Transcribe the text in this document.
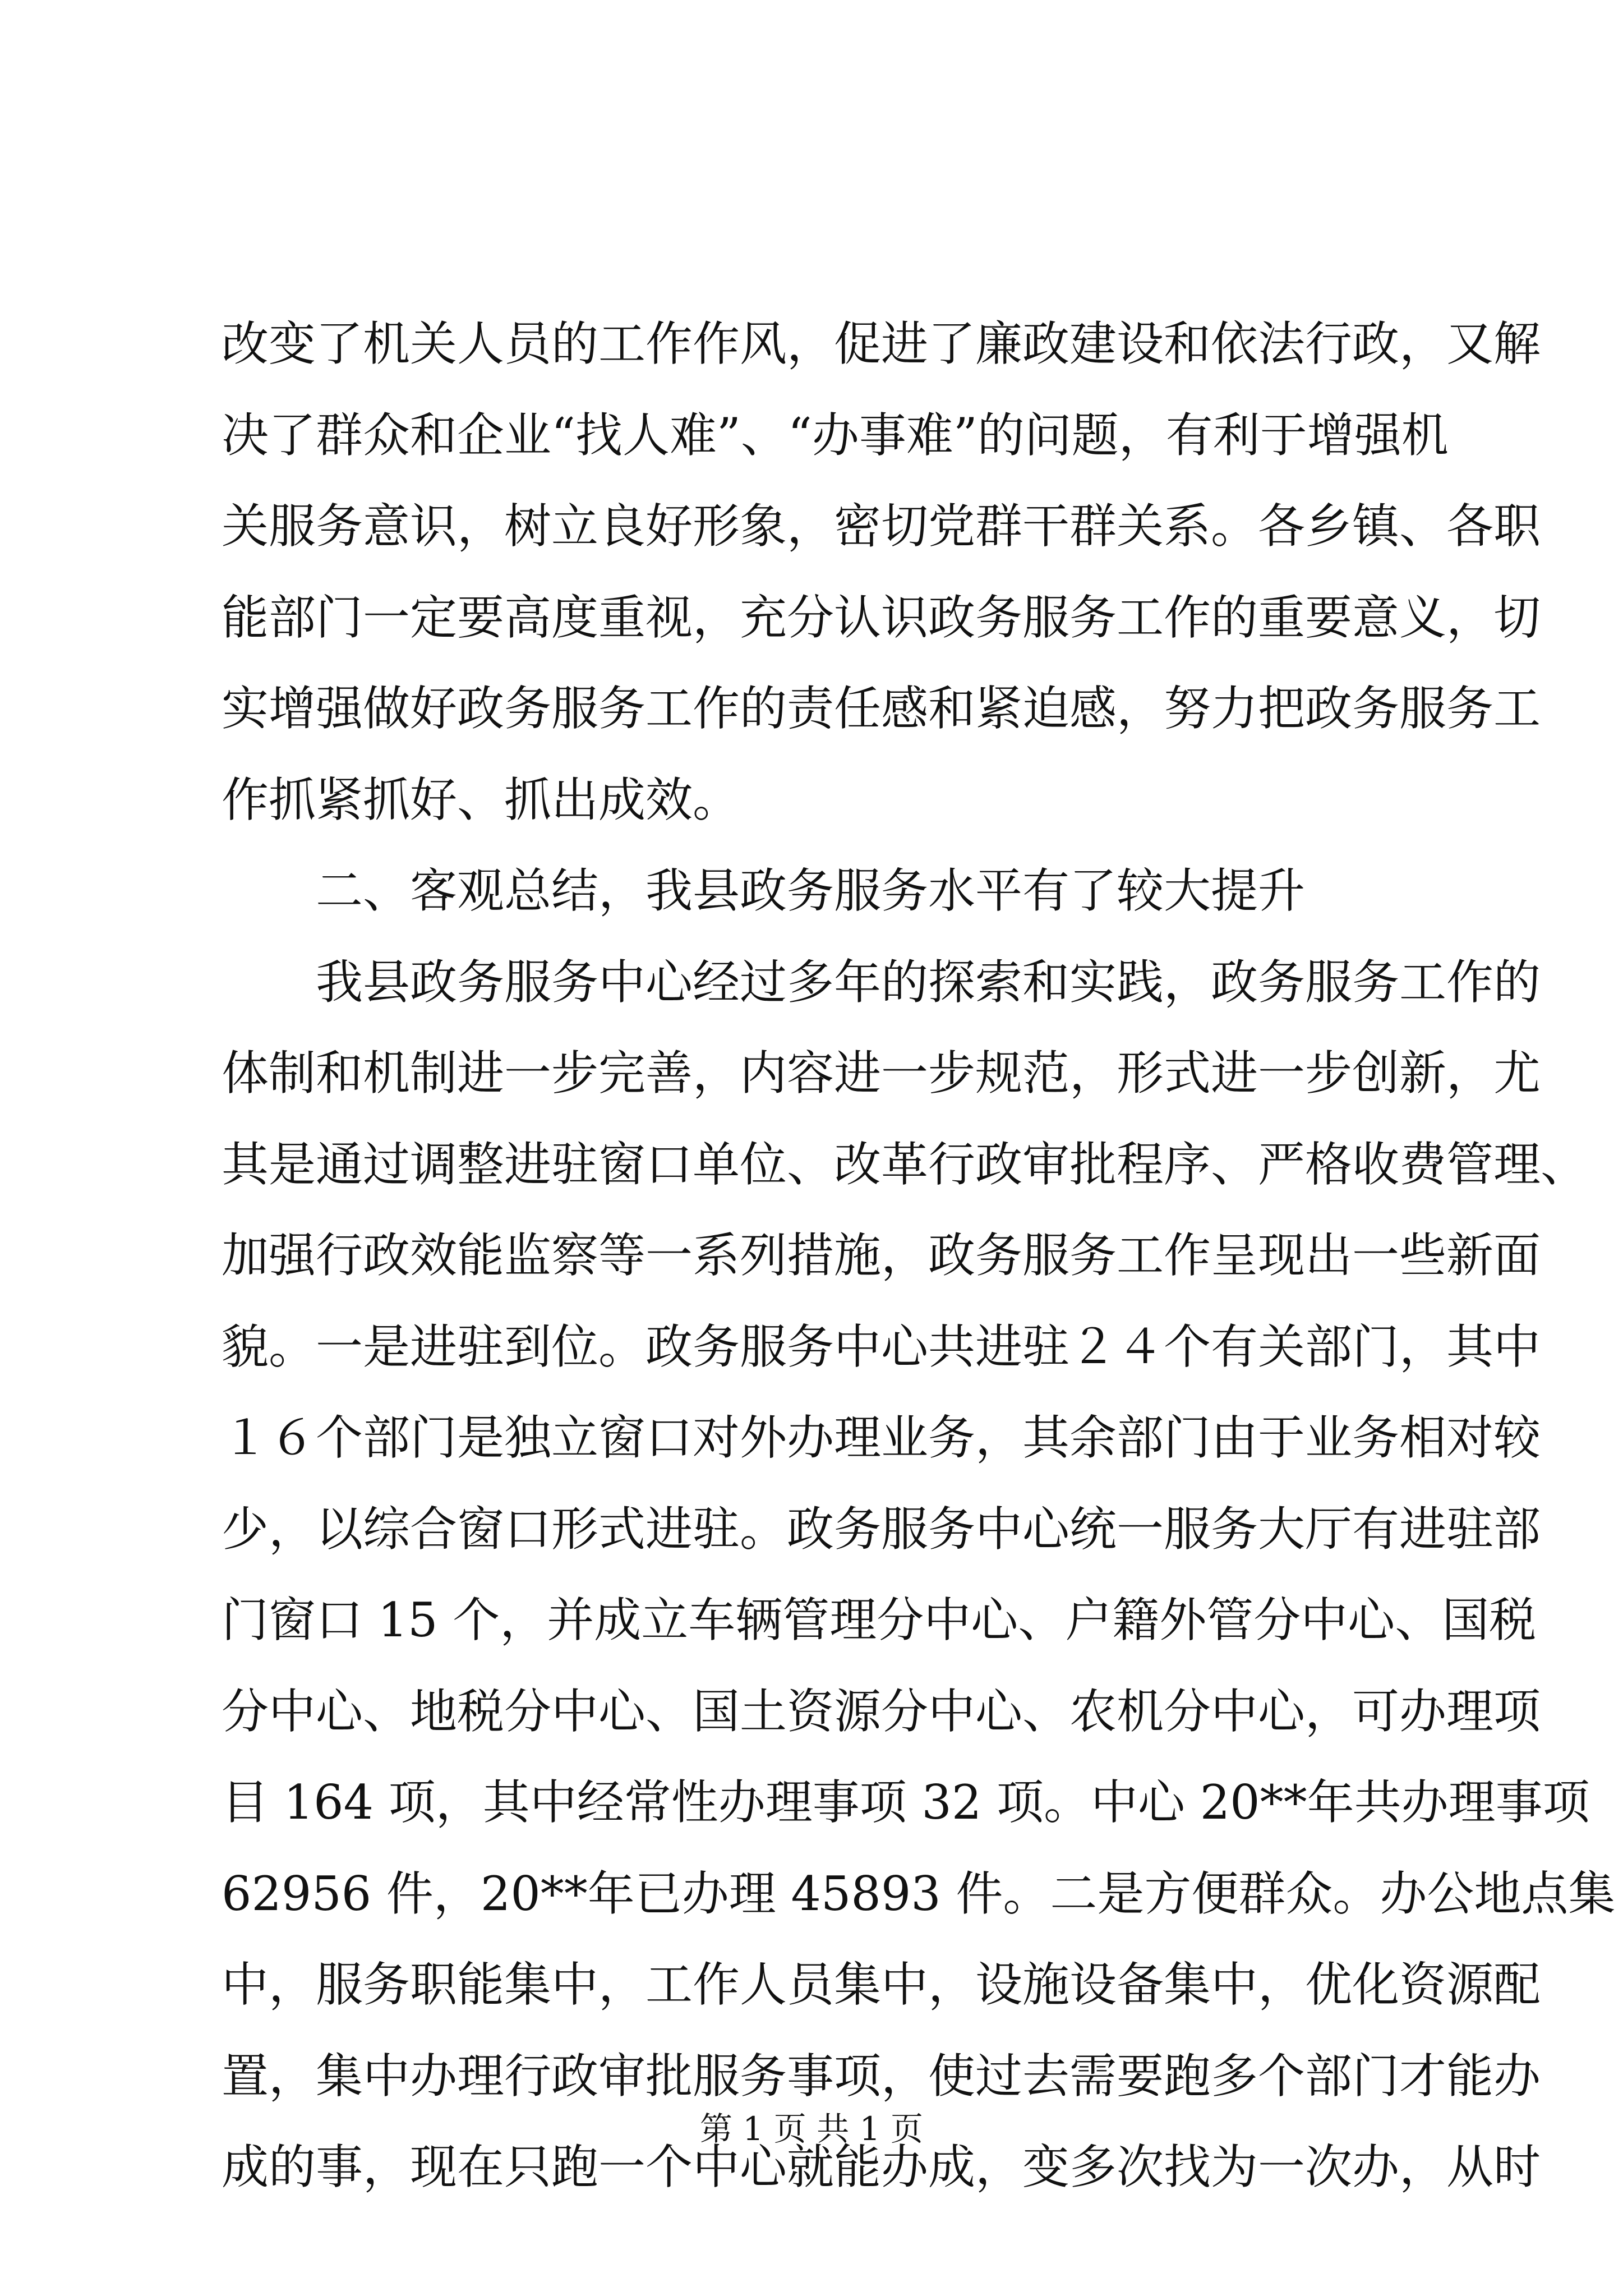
改变了机关人员的工作作风，促进了廉政建设和依法行政，又解
决了群众和企业“找人难”、“办事难”的问题，有利于增强机
关服务意识，树立良好形象，密切党群干群关系。各乡镇、各职
能部门一定要高度重视，充分认识政务服务工作的重要意义，切
实增强做好政务服务工作的责任感和紧迫感，努力把政务服务工
作抓紧抓好、抓出成效。
二、客观总结，我县政务服务水平有了较大提升
我县政务服务中心经过多年的探索和实践，政务服务工作的
体制和机制进一步完善，内容进一步规范，形式进一步创新，尤
其是通过调整进驻窗口单位、改革行政审批程序、严格收费管理、
加强行政效能监察等一系列措施，政务服务工作呈现出一些新面
貌。一是进驻到位。政务服务中心共进驻２４个有关部门，其中
１６个部门是独立窗口对外办理业务，其余部门由于业务相对较
少，以综合窗口形式进驻。政务服务中心统一服务大厅有进驻部
门窗口 15 个，并成立车辆管理分中心、户籍外管分中心、国税
分中心、地税分中心、国土资源分中心、农机分中心，可办理项
目 164 项，其中经常性办理事项 32 项。中心 20**年共办理事项
62956 件，20**年已办理 45893 件。二是方便群众。办公地点集
中，服务职能集中，工作人员集中，设施设备集中，优化资源配
置，集中办理行政审批服务事项，使过去需要跑多个部门才能办
成的事，现在只跑一个中心就能办成，变多次找为一次办，从时
第 1 页 共 1 页
